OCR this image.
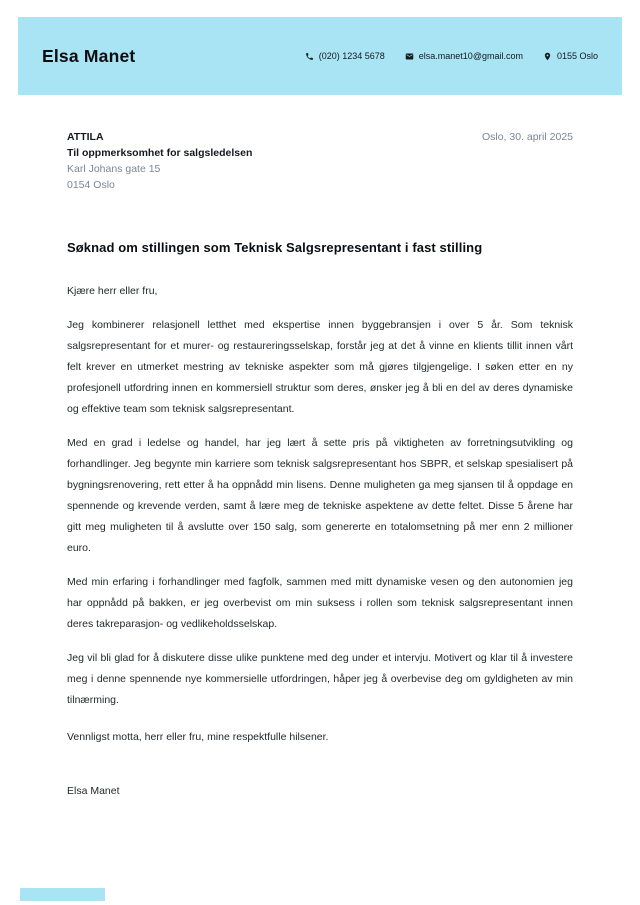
Elsa Manet	(020) 1234 5678	elsa.manet10@gmail.com	0155 Oslo
ATTILA
Til oppmerksomhet for salgsledelsen
Karl Johans gate 15
0154 Oslo
Oslo, 30. april 2025
Søknad om stillingen som Teknisk Salgsrepresentant i fast stilling

Kjære herr eller fru,

Jeg kombinerer relasjonell letthet med ekspertise innen byggebransjen i over 5 år. Som teknisk salgsrepresentant for et murer- og restaureringsselskap, forstår jeg at det å vinne en klients tillit innen vårt felt krever en utmerket mestring av tekniske aspekter som må gjøres tilgjengelige. I søken etter en ny profesjonell utfordring innen en kommersiell struktur som deres, ønsker jeg å bli en del av deres dynamiske og effektive team som teknisk salgsrepresentant.

Med en grad i ledelse og handel, har jeg lært å sette pris på viktigheten av forretningsutvikling og forhandlinger. Jeg begynte min karriere som teknisk salgsrepresentant hos SBPR, et selskap spesialisert på bygningsrenovering, rett etter å ha oppnådd min lisens. Denne muligheten ga meg sjansen til å oppdage en spennende og krevende verden, samt å lære meg de tekniske aspektene av dette feltet. Disse 5 årene har gitt meg muligheten til å avslutte over 150 salg, som genererte en totalomsetning på mer enn 2 millioner euro.

Med min erfaring i forhandlinger med fagfolk, sammen med mitt dynamiske vesen og den autonomien jeg har oppnådd på bakken, er jeg overbevist om min suksess i rollen som teknisk salgsrepresentant innen deres takreparasjon- og vedlikeholdsselskap.

Jeg vil bli glad for å diskutere disse ulike punktene med deg under et intervju. Motivert og klar til å investere meg i denne spennende nye kommersielle utfordringen, håper jeg å overbevise deg om gyldigheten av min tilnærming.

Vennligst motta, herr eller fru, mine respektfulle hilsener.

Elsa Manet
